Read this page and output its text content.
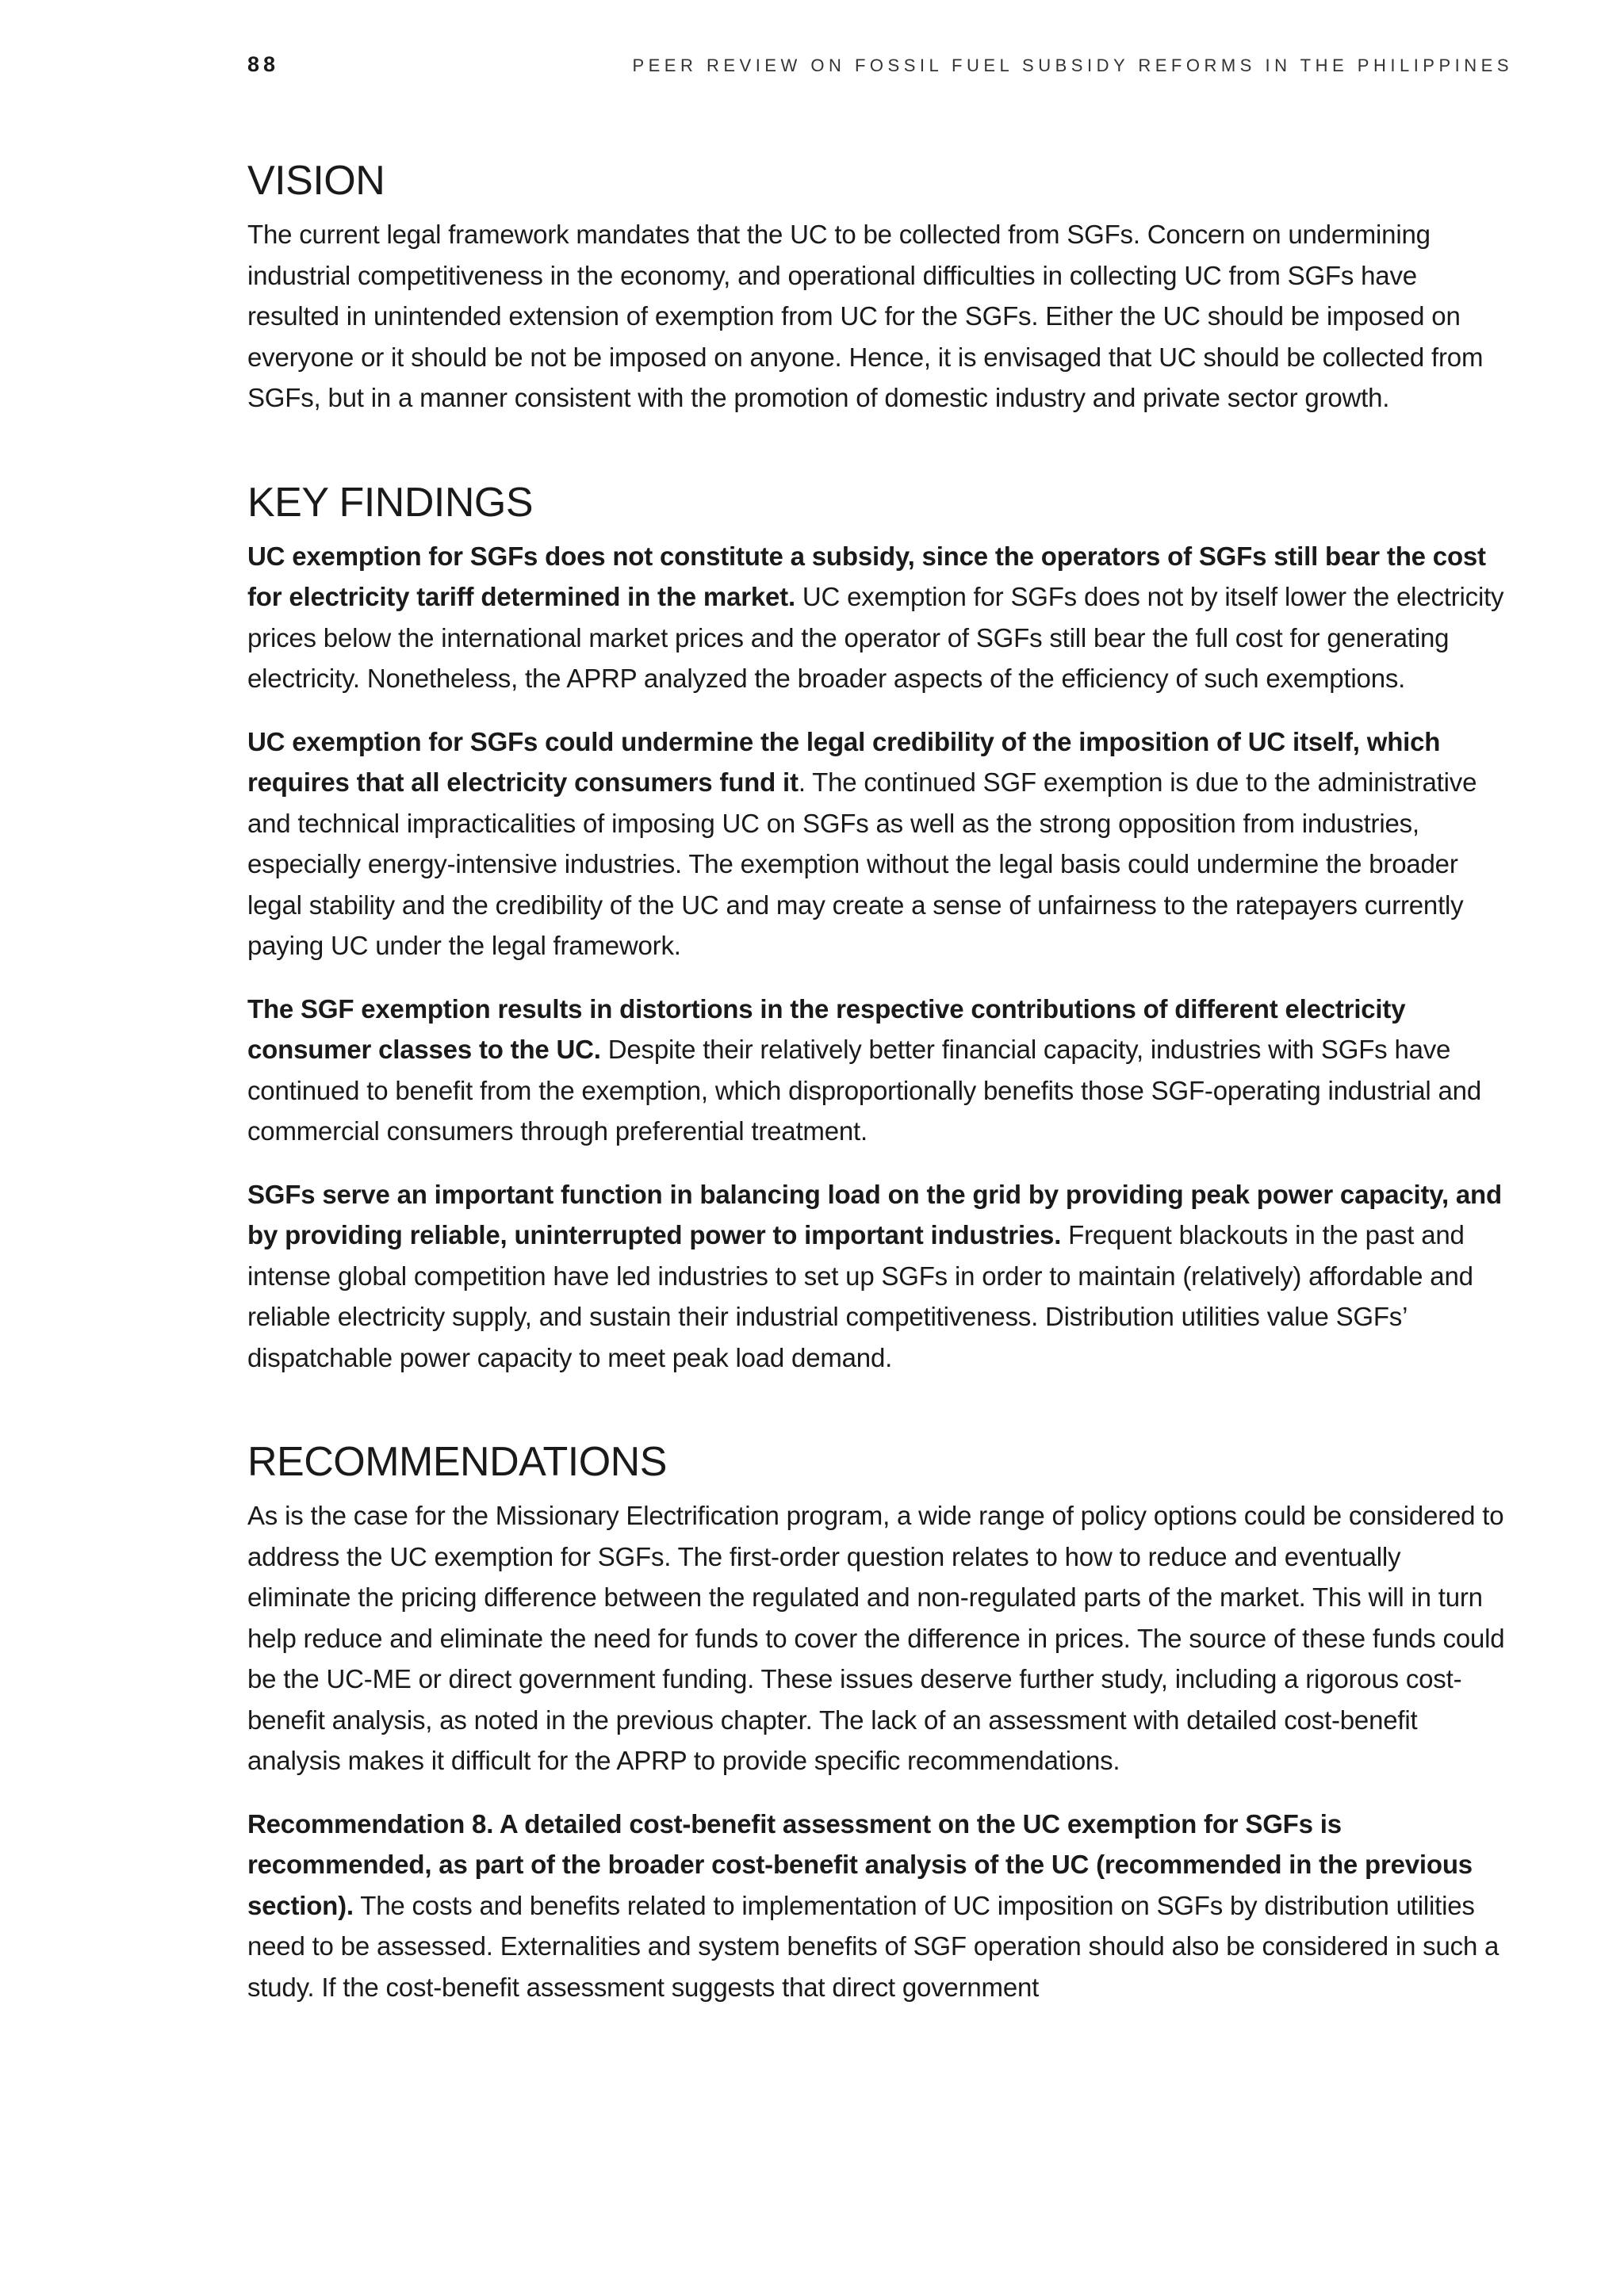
88	PEER REVIEW ON FOSSIL FUEL SUBSIDY REFORMS IN THE PHILIPPINES
VISION

The current legal framework mandates that the UC to be collected from SGFs. Concern on undermining industrial competitiveness in the economy, and operational difficulties in collecting UC from SGFs have resulted in unintended extension of exemption from UC for the SGFs. Either the UC should be imposed on everyone or it should be not be imposed on anyone. Hence, it is envisaged that UC should be collected from SGFs, but in a manner consistent with the promotion of domestic industry and private sector growth.

KEY FINDINGS

UC exemption for SGFs does not constitute a subsidy, since the operators of SGFs still bear the cost for electricity tariff determined in the market. UC exemption for SGFs does not by itself lower the electricity prices below the international market prices and the operator of SGFs still bear the full cost for generating electricity. Nonetheless, the APRP analyzed the broader aspects of the efficiency of such exemptions.

UC exemption for SGFs could undermine the legal credibility of the imposition of UC itself, which requires that all electricity consumers fund it. The continued SGF exemption is due to the administrative and technical impracticalities of imposing UC on SGFs as well as the strong opposition from industries, especially energy-intensive industries. The exemption without the legal basis could undermine the broader legal stability and the credibility of the UC and may create a sense of unfairness to the ratepayers currently paying UC under the legal framework.

The SGF exemption results in distortions in the respective contributions of different electricity consumer classes to the UC. Despite their relatively better financial capacity, industries with SGFs have continued to benefit from the exemption, which disproportionally benefits those SGF-operating industrial and commercial consumers through preferential treatment.

SGFs serve an important function in balancing load on the grid by providing peak power capacity, and by providing reliable, uninterrupted power to important industries. Frequent blackouts in the past and intense global competition have led industries to set up SGFs in order to maintain (relatively) affordable and reliable electricity supply, and sustain their industrial competitiveness. Distribution utilities value SGFs’ dispatchable power capacity to meet peak load demand.

RECOMMENDATIONS

As is the case for the Missionary Electrification program, a wide range of policy options could be considered to address the UC exemption for SGFs. The first-order question relates to how to reduce and eventually eliminate the pricing difference between the regulated and non-regulated parts of the market. This will in turn help reduce and eliminate the need for funds to cover the difference in prices. The source of these funds could be the UC-ME or direct government funding. These issues deserve further study, including a rigorous cost-benefit analysis, as noted in the previous chapter. The lack of an assessment with detailed cost-benefit analysis makes it difficult for the APRP to provide specific recommendations.

Recommendation 8. A detailed cost-benefit assessment on the UC exemption for SGFs is recommended, as part of the broader cost-benefit analysis of the UC (recommended in the previous section). The costs and benefits related to implementation of UC imposition on SGFs by distribution utilities need to be assessed. Externalities and system benefits of SGF operation should also be considered in such a study. If the cost-benefit assessment suggests that direct government
